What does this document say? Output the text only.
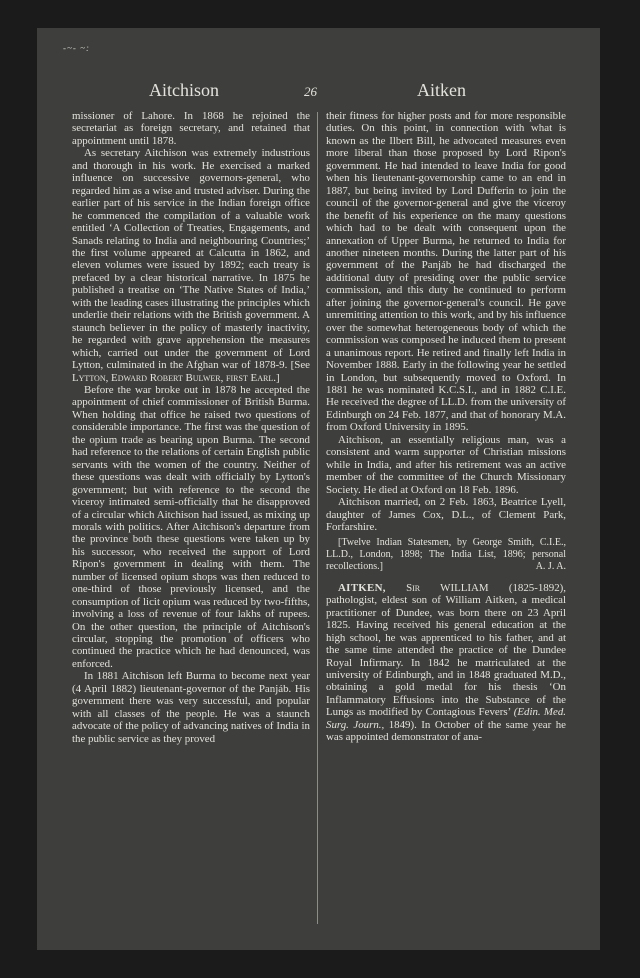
-~- ~:
Aitchison	26	Aitken

missioner of Lahore. In 1868 he rejoined the secretariat as foreign secretary, and retained that appointment until 1878.

As secretary Aitchison was extremely industrious and thorough in his work. He exercised a marked influence on successive governors-general, who regarded him as a wise and trusted adviser. During the earlier part of his service in the Indian foreign office he commenced the compilation of a valuable work entitled ‘A Collection of Treaties, Engagements, and Sanads relating to India and neighbouring Countries;’ the first volume appeared at Calcutta in 1862, and eleven volumes were issued by 1892; each treaty is prefaced by a clear historical narrative. In 1875 he published a treatise on ‘The Native States of India,’ with the leading cases illustrating the principles which underlie their relations with the British government. A staunch believer in the policy of masterly inactivity, he regarded with grave apprehension the measures which, carried out under the government of Lord Lytton, culminated in the Afghan war of 1878-9. [See Lytton, Edward Robert Bulwer, first Earl.]

Before the war broke out in 1878 he accepted the appointment of chief commissioner of British Burma. When holding that office he raised two questions of considerable importance. The first was the question of the opium trade as bearing upon Burma. The second had reference to the relations of certain English public servants with the women of the country. Neither of these questions was dealt with officially by Lytton's government; but with reference to the second the viceroy intimated semi-officially that he disapproved of a circular which Aitchison had issued, as mixing up morals with politics. After Aitchison's departure from the province both these questions were taken up by his successor, who received the support of Lord Ripon's government in dealing with them. The number of licensed opium shops was then reduced to one-third of those previously licensed, and the consumption of licit opium was reduced by two-fifths, involving a loss of revenue of four lakhs of rupees. On the other question, the principle of Aitchison's circular, stopping the promotion of officers who continued the practice which he had denounced, was enforced.

In 1881 Aitchison left Burma to become next year (4 April 1882) lieutenant-governor of the Panjáb. His government there was very successful, and popular with all classes of the people. He was a staunch advocate of the policy of advancing natives of India in the public service as they proved

their fitness for higher posts and for more responsible duties. On this point, in connection with what is known as the Ilbert Bill, he advocated measures even more liberal than those proposed by Lord Ripon's government. He had intended to leave India for good when his lieutenant-governorship came to an end in 1887, but being invited by Lord Dufferin to join the council of the governor-general and give the viceroy the benefit of his experience on the many questions which had to be dealt with consequent upon the annexation of Upper Burma, he returned to India for another nineteen months. During the latter part of his government of the Panjáb he had discharged the additional duty of presiding over the public service commission, and this duty he continued to perform after joining the governor-general's council. He gave unremitting attention to this work, and by his influence over the somewhat heterogeneous body of which the commission was composed he induced them to present a unanimous report. He retired and finally left India in November 1888. Early in the following year he settled in London, but subsequently moved to Oxford. In 1881 he was nominated K.C.S.I., and in 1882 C.I.E. He received the degree of LL.D. from the university of Edinburgh on 24 Feb. 1877, and that of honorary M.A. from Oxford University in 1895.

Aitchison, an essentially religious man, was a consistent and warm supporter of Christian missions while in India, and after his retirement was an active member of the committee of the Church Missionary Society. He died at Oxford on 18 Feb. 1896.

Aitchison married, on 2 Feb. 1863, Beatrice Lyell, daughter of James Cox, D.L., of Clement Park, Forfarshire.

[Twelve Indian Statesmen, by George Smith, C.I.E., LL.D., London, 1898; The India List, 1896; personal recollections.]	A. J. A.

AITKEN, Sir WILLIAM (1825-1892), pathologist, eldest son of William Aitken, a medical practitioner of Dundee, was born there on 23 April 1825. Having received his general education at the high school, he was apprenticed to his father, and at the same time attended the practice of the Dundee Royal Infirmary. In 1842 he matriculated at the university of Edinburgh, and in 1848 graduated M.D., obtaining a gold medal for his thesis ‘On Inflammatory Effusions into the Substance of the Lungs as modified by Contagious Fevers’ (Edin. Med. Surg. Journ., 1849). In October of the same year he was appointed demonstrator of ana-
